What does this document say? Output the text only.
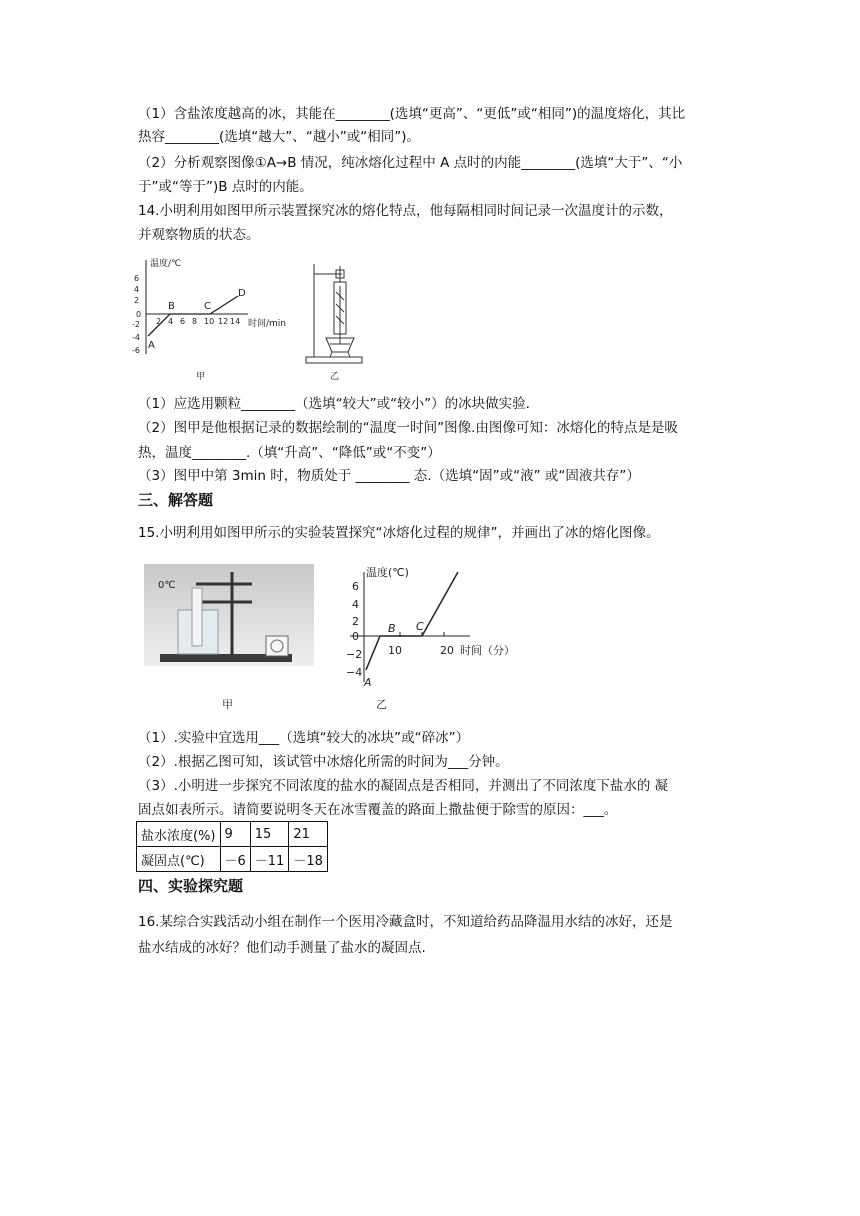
（1）含盐浓度越高的冰，其能在________(选填“更高”、“更低”或“相同”)的温度熔化，其比
热容________(选填“越大”、“越小”或“相同”)。
（2）分析观察图像①A→B 情况，纯冰熔化过程中 A 点时的内能________(选填“大于”、“小
于”或“等于”)B 点时的内能。
14.小明利用如图甲所示装置探究冰的熔化特点，他每隔相同时间记录一次温度计的示数，
并观察物质的状态。
温度/℃
时间/min
6
4
2
0
-2
-4
-6
2 4 6 8 10 12 14
A
B	C
D
甲	乙
（1）应选用颗粒________（选填“较大”或“较小”）的冰块做实验.
（2）图甲是他根据记录的数据绘制的“温度一时间”图像.由图像可知：冰熔化的特点是是吸
热，温度________.（填“升高”、“降低”或“不变”）
（3）图甲中第 3min 时，物质处于 ________ 态.（选填“固”或“液” 或“固液共存”）
三、解答题
15.小明利用如图甲所示的实验装置探究“冰熔化过程的规律”，并画出了冰的熔化图像。
0℃
甲
温度(℃)
时间（分）
6
4
2
0
−2
−4
10	20
A
B C
乙
（1）.实验中宜选用___（选填“较大的冰块”或“碎冰”）
（2）.根据乙图可知，该试管中冰熔化所需的时间为___分钟。
（3）.小明进一步探究不同浓度的盐水的凝固点是否相同，并测出了不同浓度下盐水的 凝
固点如表所示。请简要说明冬天在冰雪覆盖的路面上撒盐便于除雪的原因：___。
盐水浓度(%)	9	15	21
凝固点(℃)	－6	－11	－18
四、实验探究题
16.某综合实践活动小组在制作一个医用冷藏盒时，不知道给药品降温用水结的冰好，还是
盐水结成的冰好？他们动手测量了盐水的凝固点.
